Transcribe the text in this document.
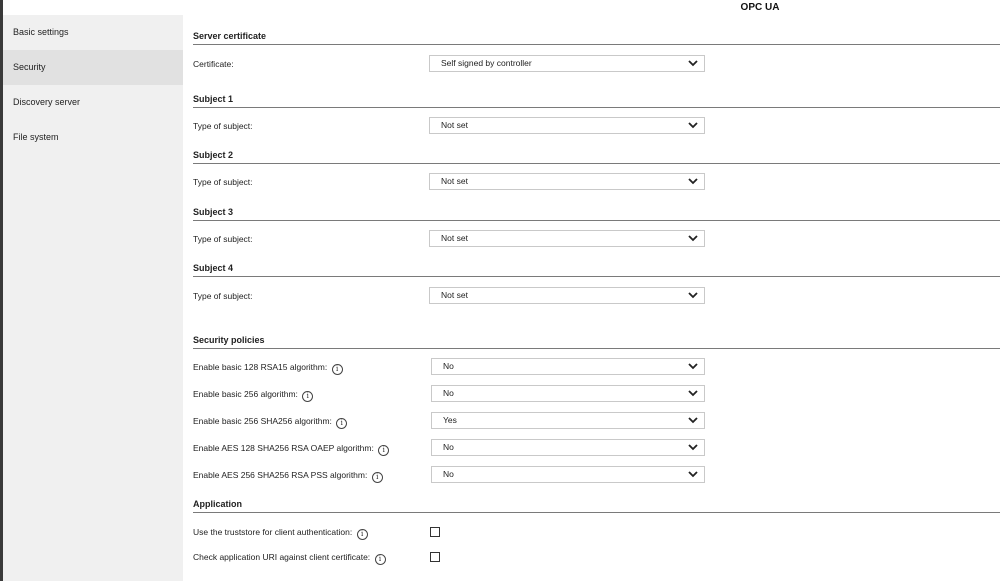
OPC UA
Basic settings
Security
Discovery server
File system
Server certificate
Certificate:	Self signed by controller
Subject 1
Type of subject:	Not set
Subject 2
Type of subject:	Not set
Subject 3
Type of subject:	Not set
Subject 4
Type of subject:	Not set
Security policies
Enable basic 128 RSA15 algorithm: i	No
Enable basic 256 algorithm: i	No
Enable basic 256 SHA256 algorithm: i	Yes
Enable AES 128 SHA256 RSA OAEP algorithm: i	No
Enable AES 256 SHA256 RSA PSS algorithm: i	No
Application
Use the truststore for client authentication: i
Check application URI against client certificate: i
